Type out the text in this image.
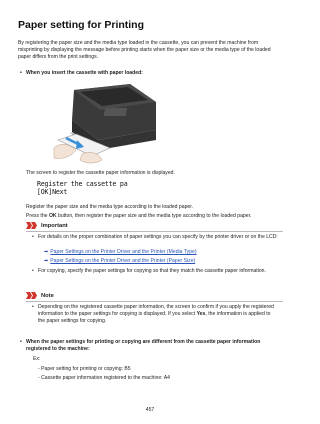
Paper setting for Printing

By registering the paper size and the media type loaded in the cassette, you can prevent the machine from misprinting by displaying the message before printing starts when the paper size or the media type of the loaded paper differs from the print settings.

• When you insert the cassette with paper loaded:

The screen to register the cassette paper information is displayed.

Register the cassette pa
[OK]Next

Register the paper size and the media type according to the loaded paper.

Press the OK button, then register the paper size and the media type according to the loaded paper.

Important
• For details on the proper combination of paper settings you can specify by the printer driver or on the LCD:
➡ Paper Settings on the Printer Driver and the Printer (Media Type)
➡ Paper Settings on the Printer Driver and the Printer (Paper Size)
• For copying, specify the paper settings for copying so that they match the cassette paper information.
Note
• Depending on the registered cassette paper information, the screen to confirm if you apply the registered information to the paper settings for copying is displayed. If you select Yes, the information is applied to the paper settings for copying.
• When the paper settings for printing or copying are different from the cassette paper information registered to the machine:
Ex:
- Paper setting for printing or copying: B5
- Cassette paper information registered to the machine: A4
457
